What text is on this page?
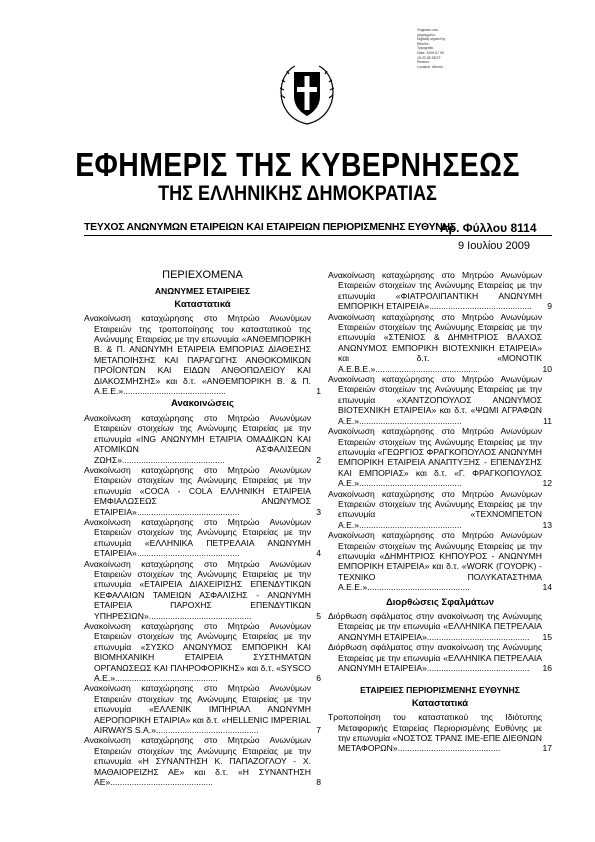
Ψηφιακά υπο-
γεγραμμένο
Digitally signed by
Ethniko
Typografio
Date: 2009.07.09
15:33:38 EEST
Reason:
Location: Athens
ΕΦΗΜΕΡΙΣ ΤΗΣ ΚΥΒΕΡΝΗΣΕΩΣ
ΤΗΣ ΕΛΛΗΝΙΚΗΣ ΔΗΜΟΚΡΑΤΙΑΣ
ΤΕΥΧΟΣ ΑΝΩΝΥΜΩΝ ΕΤΑΙΡΕΙΩΝ ΚΑΙ ΕΤΑΙΡΕΙΩΝ ΠΕΡΙΟΡΙΣΜΕΝΗΣ ΕΥΘΥΝΗΣ
Αρ. Φύλλου 8114
9 Ιουλίου 2009
ΠΕΡΙΕΧΟΜΕΝΑ
ΑΝΩΝΥΜΕΣ ΕΤΑΙΡΕΙΕΣ
Καταστατικά
Ανακοίνωση καταχώρησης στο Μητρώο Ανωνύμων Εταιρειών της τροποποίησης του καταστατικού της Ανώνυμης Εταιρείας με την επωνυμία «ΑΝΘΕΜΠΟΡΙΚΗ Β. & Π. ΑΝΩΝΥΜΗ ΕΤΑΙΡΕΙΑ ΕΜΠΟΡΙΑΣ ΔΙΑΘΕΣΗΣ ΜΕΤΑΠΟΙΗΣΗΣ ΚΑΙ ΠΑΡΑΓΩΓΗΣ ΑΝΘΟΚΟΜΙΚΩΝ ΠΡΟΪΟΝΤΩΝ ΚΑΙ ΕΙΔΩΝ ΑΝΘΟΠΩΛΕΙΟΥ ΚΑΙ ΔΙΑΚΟΣΜΗΣΗΣ» και δ.τ. «ΑΝΘΕΜΠΟΡΙΚΗ Β. & Π. Α.Ε.Ε.» .....	1
Ανακοινώσεις
Ανακοίνωση καταχώρησης στο Μητρώο Ανωνύμων Εταιρειών στοιχείων της Ανώνυμης Εταιρείας με την επωνυμία «ING ΑΝΩΝΥΜΗ ΕΤΑΙΡΙΑ ΟΜΑΔΙΚΩΝ ΚΑΙ ΑΤΟΜΙΚΩΝ ΑΣΦΑΛΙΣΕΩΝ ΖΩΗΣ» .....	2
Ανακοίνωση καταχώρησης στο Μητρώο Ανωνύμων Εταιρειών στοιχείων της Ανώνυμης Εταιρείας με την επωνυμία «COCA - COLA ΕΛΛΗΝΙΚΗ ΕΤΑΙΡΕΙΑ ΕΜΦΙΑΛΩΣΕΩΣ ΑΝΩΝΥΜΟΣ ΕΤΑΙΡΕΙΑ» .....	3
Ανακοίνωση καταχώρησης στο Μητρώο Ανωνύμων Εταιρειών στοιχείων της Ανώνυμης Εταιρείας με την επωνυμία «ΕΛΛΗΝΙΚΑ ΠΕΤΡΕΛΑΙΑ ΑΝΩΝΥΜΗ ΕΤΑΙΡΕΙΑ» .....	4
Ανακοίνωση καταχώρησης στο Μητρώο Ανωνύμων Εταιρειών στοιχείων της Ανώνυμης Εταιρείας με την επωνυμία «ΕΤΑΙΡΕΙΑ ΔΙΑΧΕΙΡΙΣΗΣ ΕΠΕΝΔΥΤΙΚΩΝ ΚΕΦΑΛΑΙΩΝ ΤΑΜΕΙΩΝ ΑΣΦΑΛΙΣΗΣ - ΑΝΩΝΥΜΗ ΕΤΑΙΡΕΙΑ ΠΑΡΟΧΗΣ ΕΠΕΝΔΥΤΙΚΩΝ ΥΠΗΡΕΣΙΩΝ» .....	5
Ανακοίνωση καταχώρησης στο Μητρώο Ανωνύμων Εταιρειών στοιχείων της Ανώνυμης Εταιρείας με την επωνυμία «ΣΥΣΚΟ ΑΝΩΝΥΜΟΣ ΕΜΠΟΡΙΚΗ ΚΑΙ ΒΙΟΜΗΧΑΝΙΚΗ ΕΤΑΙΡΕΙΑ ΣΥΣΤΗΜΑΤΩΝ ΟΡΓΑΝΩΣΕΩΣ ΚΑΙ ΠΛΗΡΟΦΟΡΙΚΗΣ» και δ.τ. «SYSCO Α.Ε.» .....	6
Ανακοίνωση καταχώρησης στο Μητρώο Ανωνύμων Εταιρειών στοιχείων της Ανώνυμης Εταιρείας με την επωνυμία «ΕΛΛΕΝΙΚ ΙΜΠΗΡΙΑΛ ΑΝΩΝΥΜΗ ΑΕΡΟΠΟΡΙΚΗ ΕΤΑΙΡΙΑ» και δ.τ. «HELLENIC IMPERIAL AIRWAYS S.A.» .....	7
Ανακοίνωση καταχώρησης στο Μητρώο Ανωνύμων Εταιρειών στοιχείων της Ανώνυμης Εταιρείας με την επωνυμία «Η ΣΥΝΑΝΤΗΣΗ Κ. ΠΑΠΑΖΟΓΛΟΥ - Χ. ΜΑΘΑΙΟΡΕΙΖΗΣ ΑΕ» και δ.τ. «Η ΣΥΝΑΝΤΗΣΗ ΑΕ» .....	8
Ανακοίνωση καταχώρησης στο Μητρώο Ανωνύμων Εταιρειών στοιχείων της Ανώνυμης Εταιρείας με την επωνυμία «ΦΙΑΤΡΟΛΙΠΑΝΤΙΚΗ ΑΝΩΝΥΜΗ ΕΜΠΟΡΙΚΗ ΕΤΑΙΡΕΙΑ» .....	9
Ανακοίνωση καταχώρησης στο Μητρώο Ανωνύμων Εταιρειών στοιχείων της Ανώνυμης Εταιρείας με την επωνυμία «ΣΤΕΝΙΟΣ & ΔΗΜΗΤΡΙΟΣ ΒΛΑΧΟΣ ΑΝΩΝΥΜΟΣ ΕΜΠΟΡΙΚΗ ΒΙΟΤΕΧΝΙΚΗ ΕΤΑΙΡΕΙΑ» και δ.τ. «ΜΟΝΟΤΙΚ Α.Ε.Β.Ε.» .....	10
Ανακοίνωση καταχώρησης στο Μητρώο Ανωνύμων Εταιρειών στοιχείων της Ανώνυμης Εταιρείας με την επωνυμία «ΧΑΝΤΖΟΠΟΥΛΟΣ ΑΝΩΝΥΜΟΣ ΒΙΟΤΕΧΝΙΚΗ ΕΤΑΙΡΕΙΑ» και δ.τ. «ΨΩΜΙ ΑΓΡΑΦΩΝ Α.Ε.» .....	11
Ανακοίνωση καταχώρησης στο Μητρώο Ανωνύμων Εταιρειών στοιχείων της Ανώνυμης Εταιρείας με την επωνυμία «ΓΕΩΡΓΙΟΣ ΦΡΑΓΚΟΠΟΥΛΟΣ ΑΝΩΝΥΜΗ ΕΜΠΟΡΙΚΗ ΕΤΑΙΡΕΙΑ ΑΝΑΠΤΥΞΗΣ - ΕΠΕΝΔΥΣΗΣ ΚΑΙ ΕΜΠΟΡΙΑΣ» και δ.τ. «Γ. ΦΡΑΓΚΟΠΟΥΛΟΣ Α.Ε.» .....	12
Ανακοίνωση καταχώρησης στο Μητρώο Ανωνύμων Εταιρειών στοιχείων της Ανώνυμης Εταιρείας με την επωνυμία «ΤΕΧΝΟΜΠΕΤΟΝ Α.Ε.» .....	13
Ανακοίνωση καταχώρησης στο Μητρώο Ανωνύμων Εταιρειών στοιχείων της Ανώνυμης Εταιρείας με την επωνυμία «ΔΗΜΗΤΡΙΟΣ ΚΗΠΟΥΡΟΣ - ΑΝΩΝΥΜΗ ΕΜΠΟΡΙΚΗ ΕΤΑΙΡΕΙΑ» και δ.τ. «WORK (ΓΟΥΟΡΚ) - ΤΕΧΝΙΚΟ ΠΟΛΥΚΑΤΑΣΤΗΜΑ Α.Ε.Ε.» .....	14
Διορθώσεις Σφαλμάτων
Διόρθωση σφάλματος στην ανακοίνωση της Ανώνυμης Εταιρείας με την επωνυμία «ΕΛΛΗΝΙΚΑ ΠΕΤΡΕΛΑΙΑ ΑΝΩΝΥΜΗ ΕΤΑΙΡΕΙΑ» .....	15
Διόρθωση σφάλματος στην ανακοίνωση της Ανώνυμης Εταιρείας με την επωνυμία «ΕΛΛΗΝΙΚΑ ΠΕΤΡΕΛΑΙΑ ΑΝΩΝΥΜΗ ΕΤΑΙΡΕΙΑ» .....	16
ΕΤΑΙΡΕΙΕΣ ΠΕΡΙΟΡΙΣΜΕΝΗΣ ΕΥΘΥΝΗΣ
Καταστατικά
Τροποποίηση του καταστατικού της Ιδιότυπης Μεταφορικής Εταιρείας Περιορισμένης Ευθύνης με την επωνυμία «ΝΟΣΤΟΣ ΤΡΑΝΣ ΙΜΕ-ΕΠΕ ΔΙΕΘΝΩΝ ΜΕΤΑΦΟΡΩΝ» .....	17
